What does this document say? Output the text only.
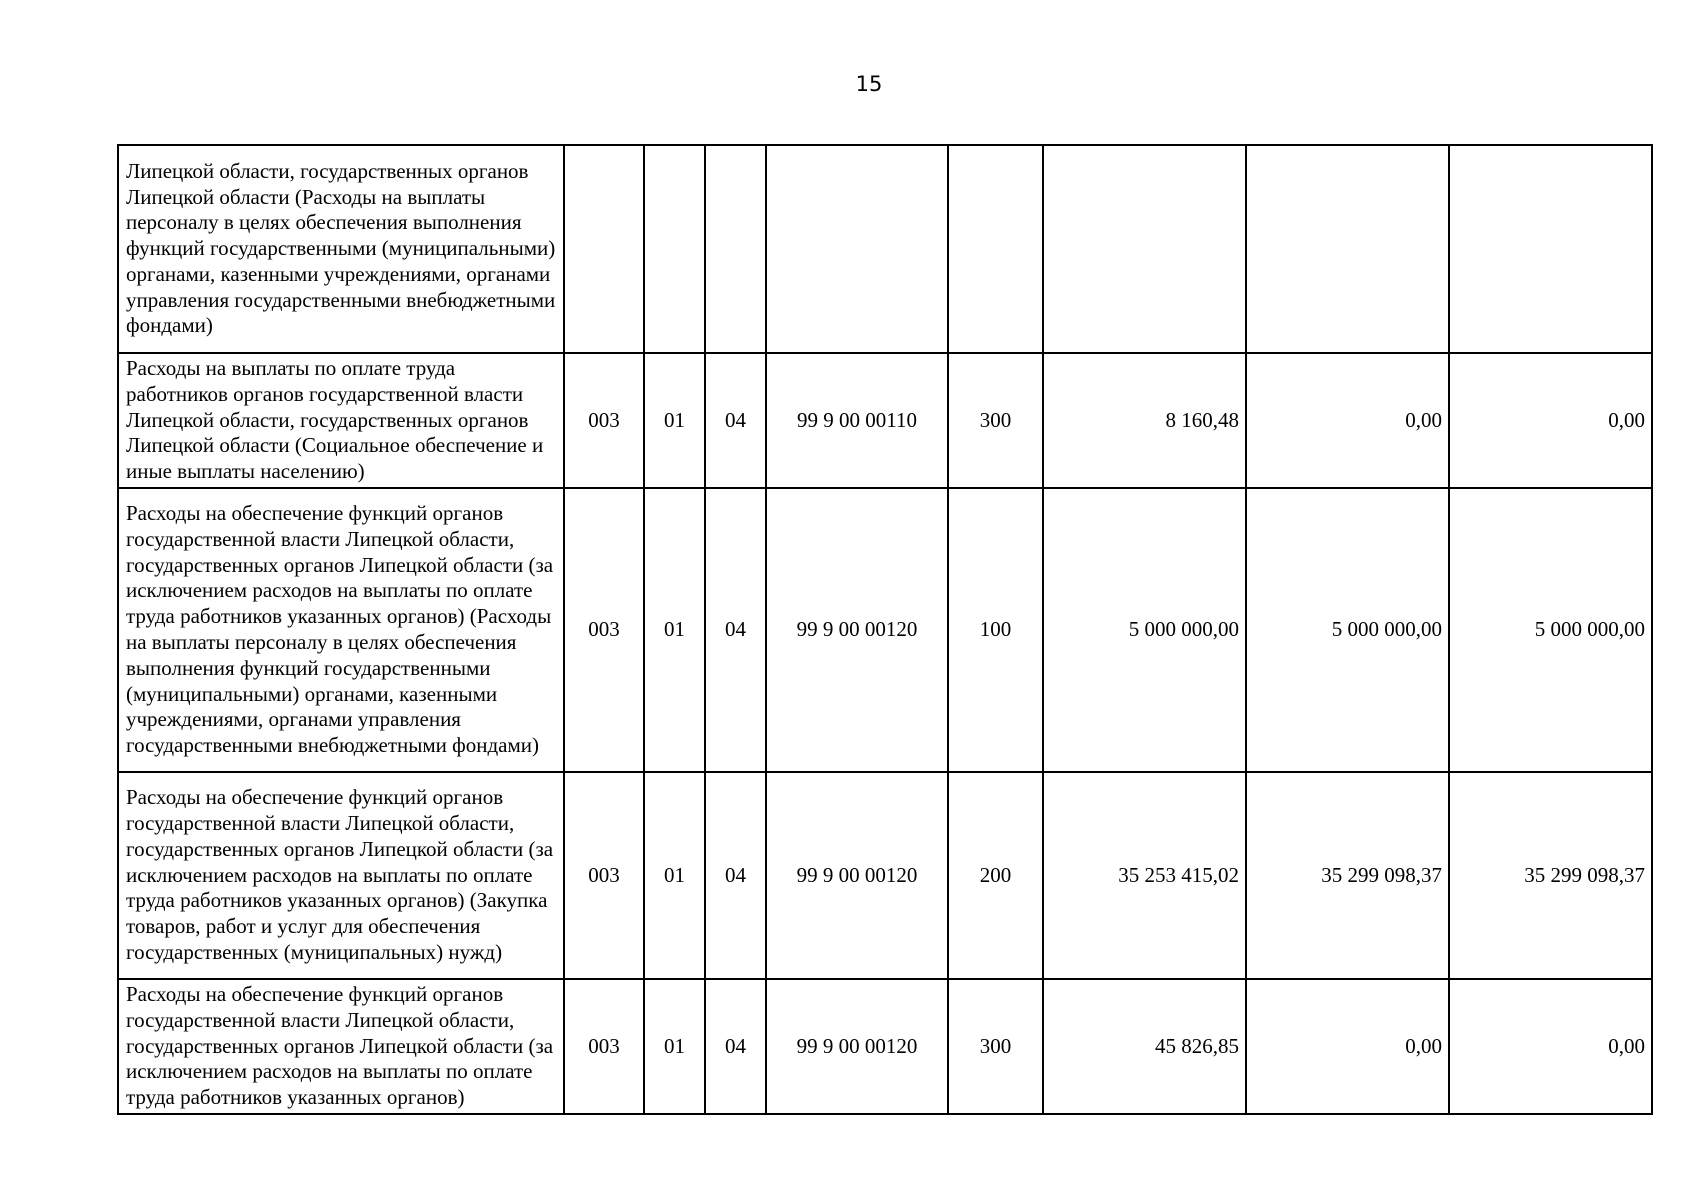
15
Липецкой области, государственных органов Липецкой области (Расходы на выплаты персоналу в целях обеспечения выполнения функций государственными (муниципальными) органами, казенными учреждениями, органами управления государственными внебюджетными фондами)								
Расходы на выплаты по оплате труда работников органов государственной власти Липецкой области, государственных органов Липецкой области (Социальное обеспечение и иные выплаты населению)	003	01	04	99 9 00 00110	300	8 160,48	0,00	0,00
Расходы на обеспечение функций органов государственной власти Липецкой области, государственных органов Липецкой области (за исключением расходов на выплаты по оплате труда работников указанных органов) (Расходы на выплаты персоналу в целях обеспечения выполнения функций государственными (муниципальными) органами, казенными учреждениями, органами управления государственными внебюджетными фондами)	003	01	04	99 9 00 00120	100	5 000 000,00	5 000 000,00	5 000 000,00
Расходы на обеспечение функций органов государственной власти Липецкой области, государственных органов Липецкой области (за исключением расходов на выплаты по оплате труда работников указанных органов) (Закупка товаров, работ и услуг для обеспечения государственных (муниципальных) нужд)	003	01	04	99 9 00 00120	200	35 253 415,02	35 299 098,37	35 299 098,37
Расходы на обеспечение функций органов государственной власти Липецкой области, государственных органов Липецкой области (за исключением расходов на выплаты по оплате труда работников указанных органов)	003	01	04	99 9 00 00120	300	45 826,85	0,00	0,00
